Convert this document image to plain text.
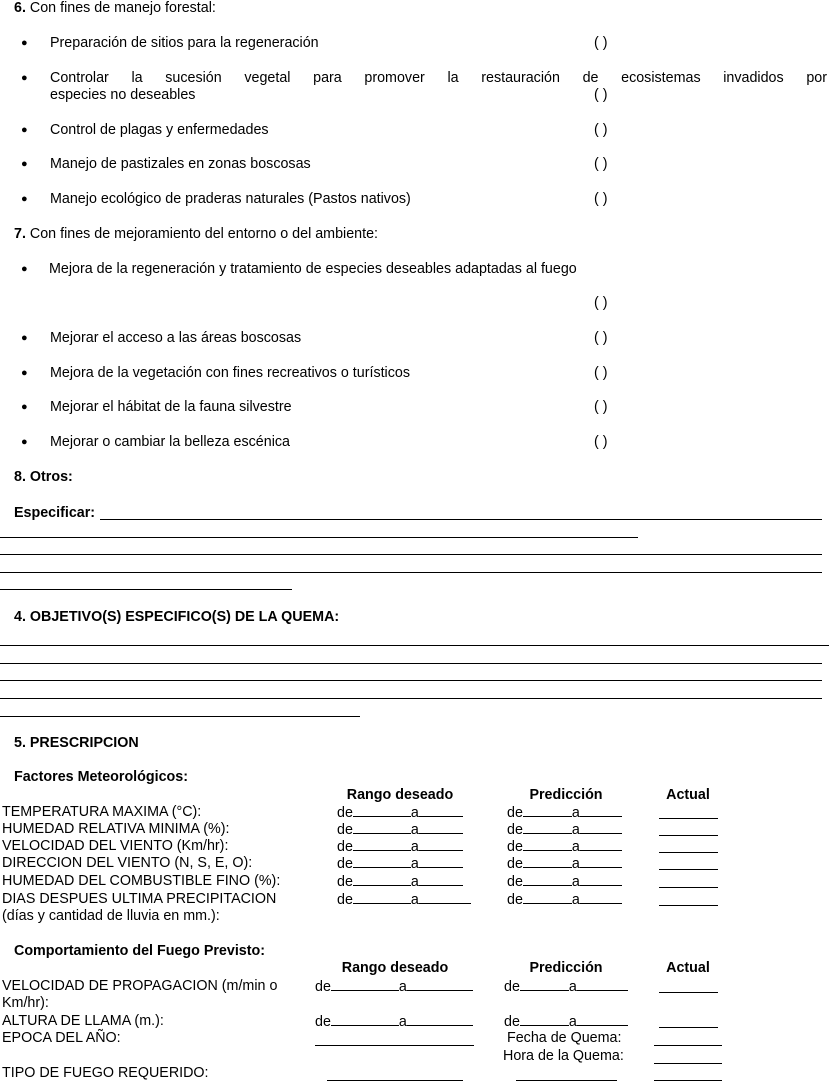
6. Con fines de manejo forestal:
● Preparación de sitios para la regeneración	( )
● Controlar la sucesión vegetal para promover la restauración de ecosistemas invadidos por
especies no deseables	( )
● Control de plagas y enfermedades	( )
● Manejo de pastizales en zonas boscosas	( )
● Manejo ecológico de praderas naturales (Pastos nativos)	( )
7. Con fines de mejoramiento del entorno o del ambiente:
● Mejora de la regeneración y tratamiento de especies deseables adaptadas al fuego
( )
● Mejorar el acceso a las áreas boscosas	( )
● Mejora de la vegetación con fines recreativos o turísticos	( )
● Mejorar el hábitat de la fauna silvestre	( )
● Mejorar o cambiar la belleza escénica	( )
8. Otros:
Especificar:
4. OBJETIVO(S) ESPECIFICO(S) DE LA QUEMA:
5. PRESCRIPCION
Factores Meteorológicos:
Rango deseado	Predicción	Actual
TEMPERATURA MAXIMA (°C):	de	a	de	a
HUMEDAD RELATIVA MINIMA (%):	de	a	de	a
VELOCIDAD DEL VIENTO (Km/hr):	de	a	de	a
DIRECCION DEL VIENTO (N, S, E, O):	de	a	de	a
HUMEDAD DEL COMBUSTIBLE FINO (%):	de	a	de	a
DIAS DESPUES ULTIMA PRECIPITACION
(días y cantidad de lluvia en mm.):
de	a	de	a
Comportamiento del Fuego Previsto:
Rango deseado	Predicción	Actual
VELOCIDAD DE PROPAGACION (m/min o
Km/hr):
de	a	de	a
ALTURA DE LLAMA (m.):	de	a	de	a
EPOCA DEL AÑO:	Fecha de Quema:
Hora de la Quema:
TIPO DE FUEGO REQUERIDO:
